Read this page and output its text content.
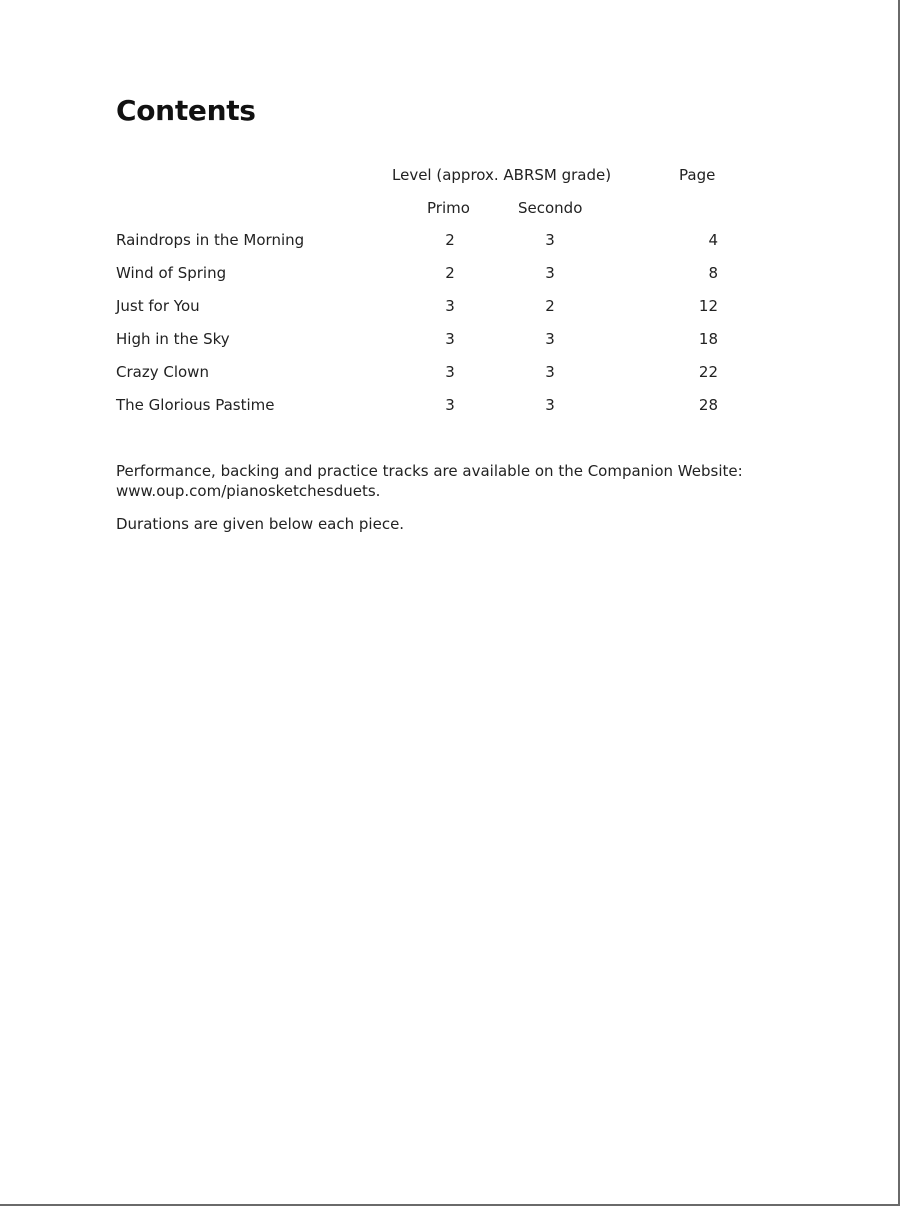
Contents
Level (approx. ABRSM grade)	Page
Primo	Secondo
Raindrops in the Morning	2	3	4
Wind of Spring	2	3	8
Just for You	3	2	12
High in the Sky	3	3	18
Crazy Clown	3	3	22
The Glorious Pastime	3	3	28
Performance, backing and practice tracks are available on the Companion Website:
www.oup.com/pianosketchesduets.
Durations are given below each piece.
